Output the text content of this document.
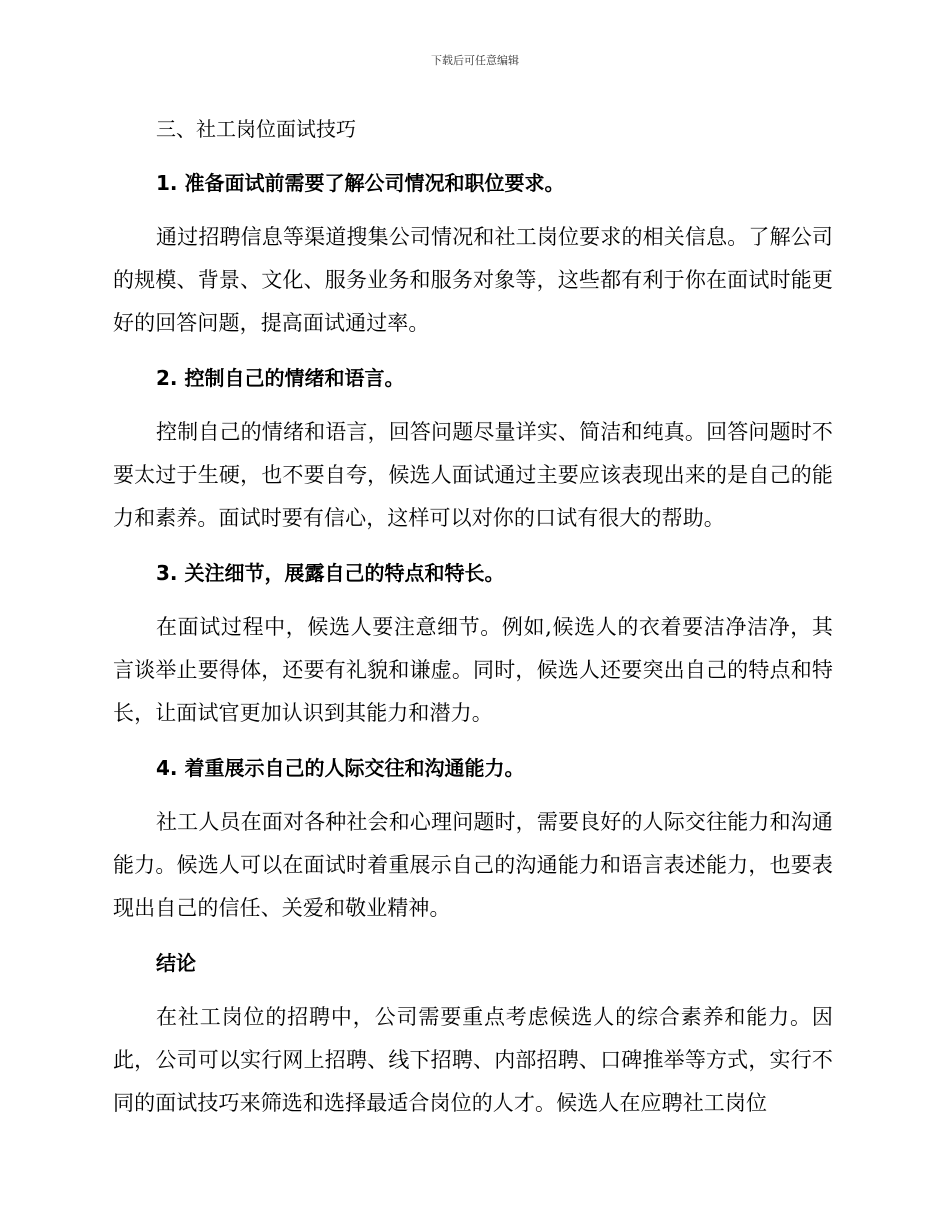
下载后可任意编辑
三、社工岗位面试技巧
1. 准备面试前需要了解公司情况和职位要求。
通过招聘信息等渠道搜集公司情况和社工岗位要求的相关信息。了解公司的规模、背景、文化、服务业务和服务对象等，这些都有利于你在面试时能更好的回答问题，提高面试通过率。
2. 控制自己的情绪和语言。
控制自己的情绪和语言，回答问题尽量详实、简洁和纯真。回答问题时不要太过于生硬，也不要自夸，候选人面试通过主要应该表现出来的是自己的能力和素养。面试时要有信心，这样可以对你的口试有很大的帮助。
3. 关注细节，展露自己的特点和特长。
在面试过程中，候选人要注意细节。例如,候选人的衣着要洁净洁净，其言谈举止要得体，还要有礼貌和谦虚。同时，候选人还要突出自己的特点和特长，让面试官更加认识到其能力和潜力。
4. 着重展示自己的人际交往和沟通能力。
社工人员在面对各种社会和心理问题时，需要良好的人际交往能力和沟通能力。候选人可以在面试时着重展示自己的沟通能力和语言表述能力，也要表现出自己的信任、关爱和敬业精神。
结论
在社工岗位的招聘中，公司需要重点考虑候选人的综合素养和能力。因此，公司可以实行网上招聘、线下招聘、内部招聘、口碑推举等方式，实行不同的面试技巧来筛选和选择最适合岗位的人才。候选人在应聘社工岗位
